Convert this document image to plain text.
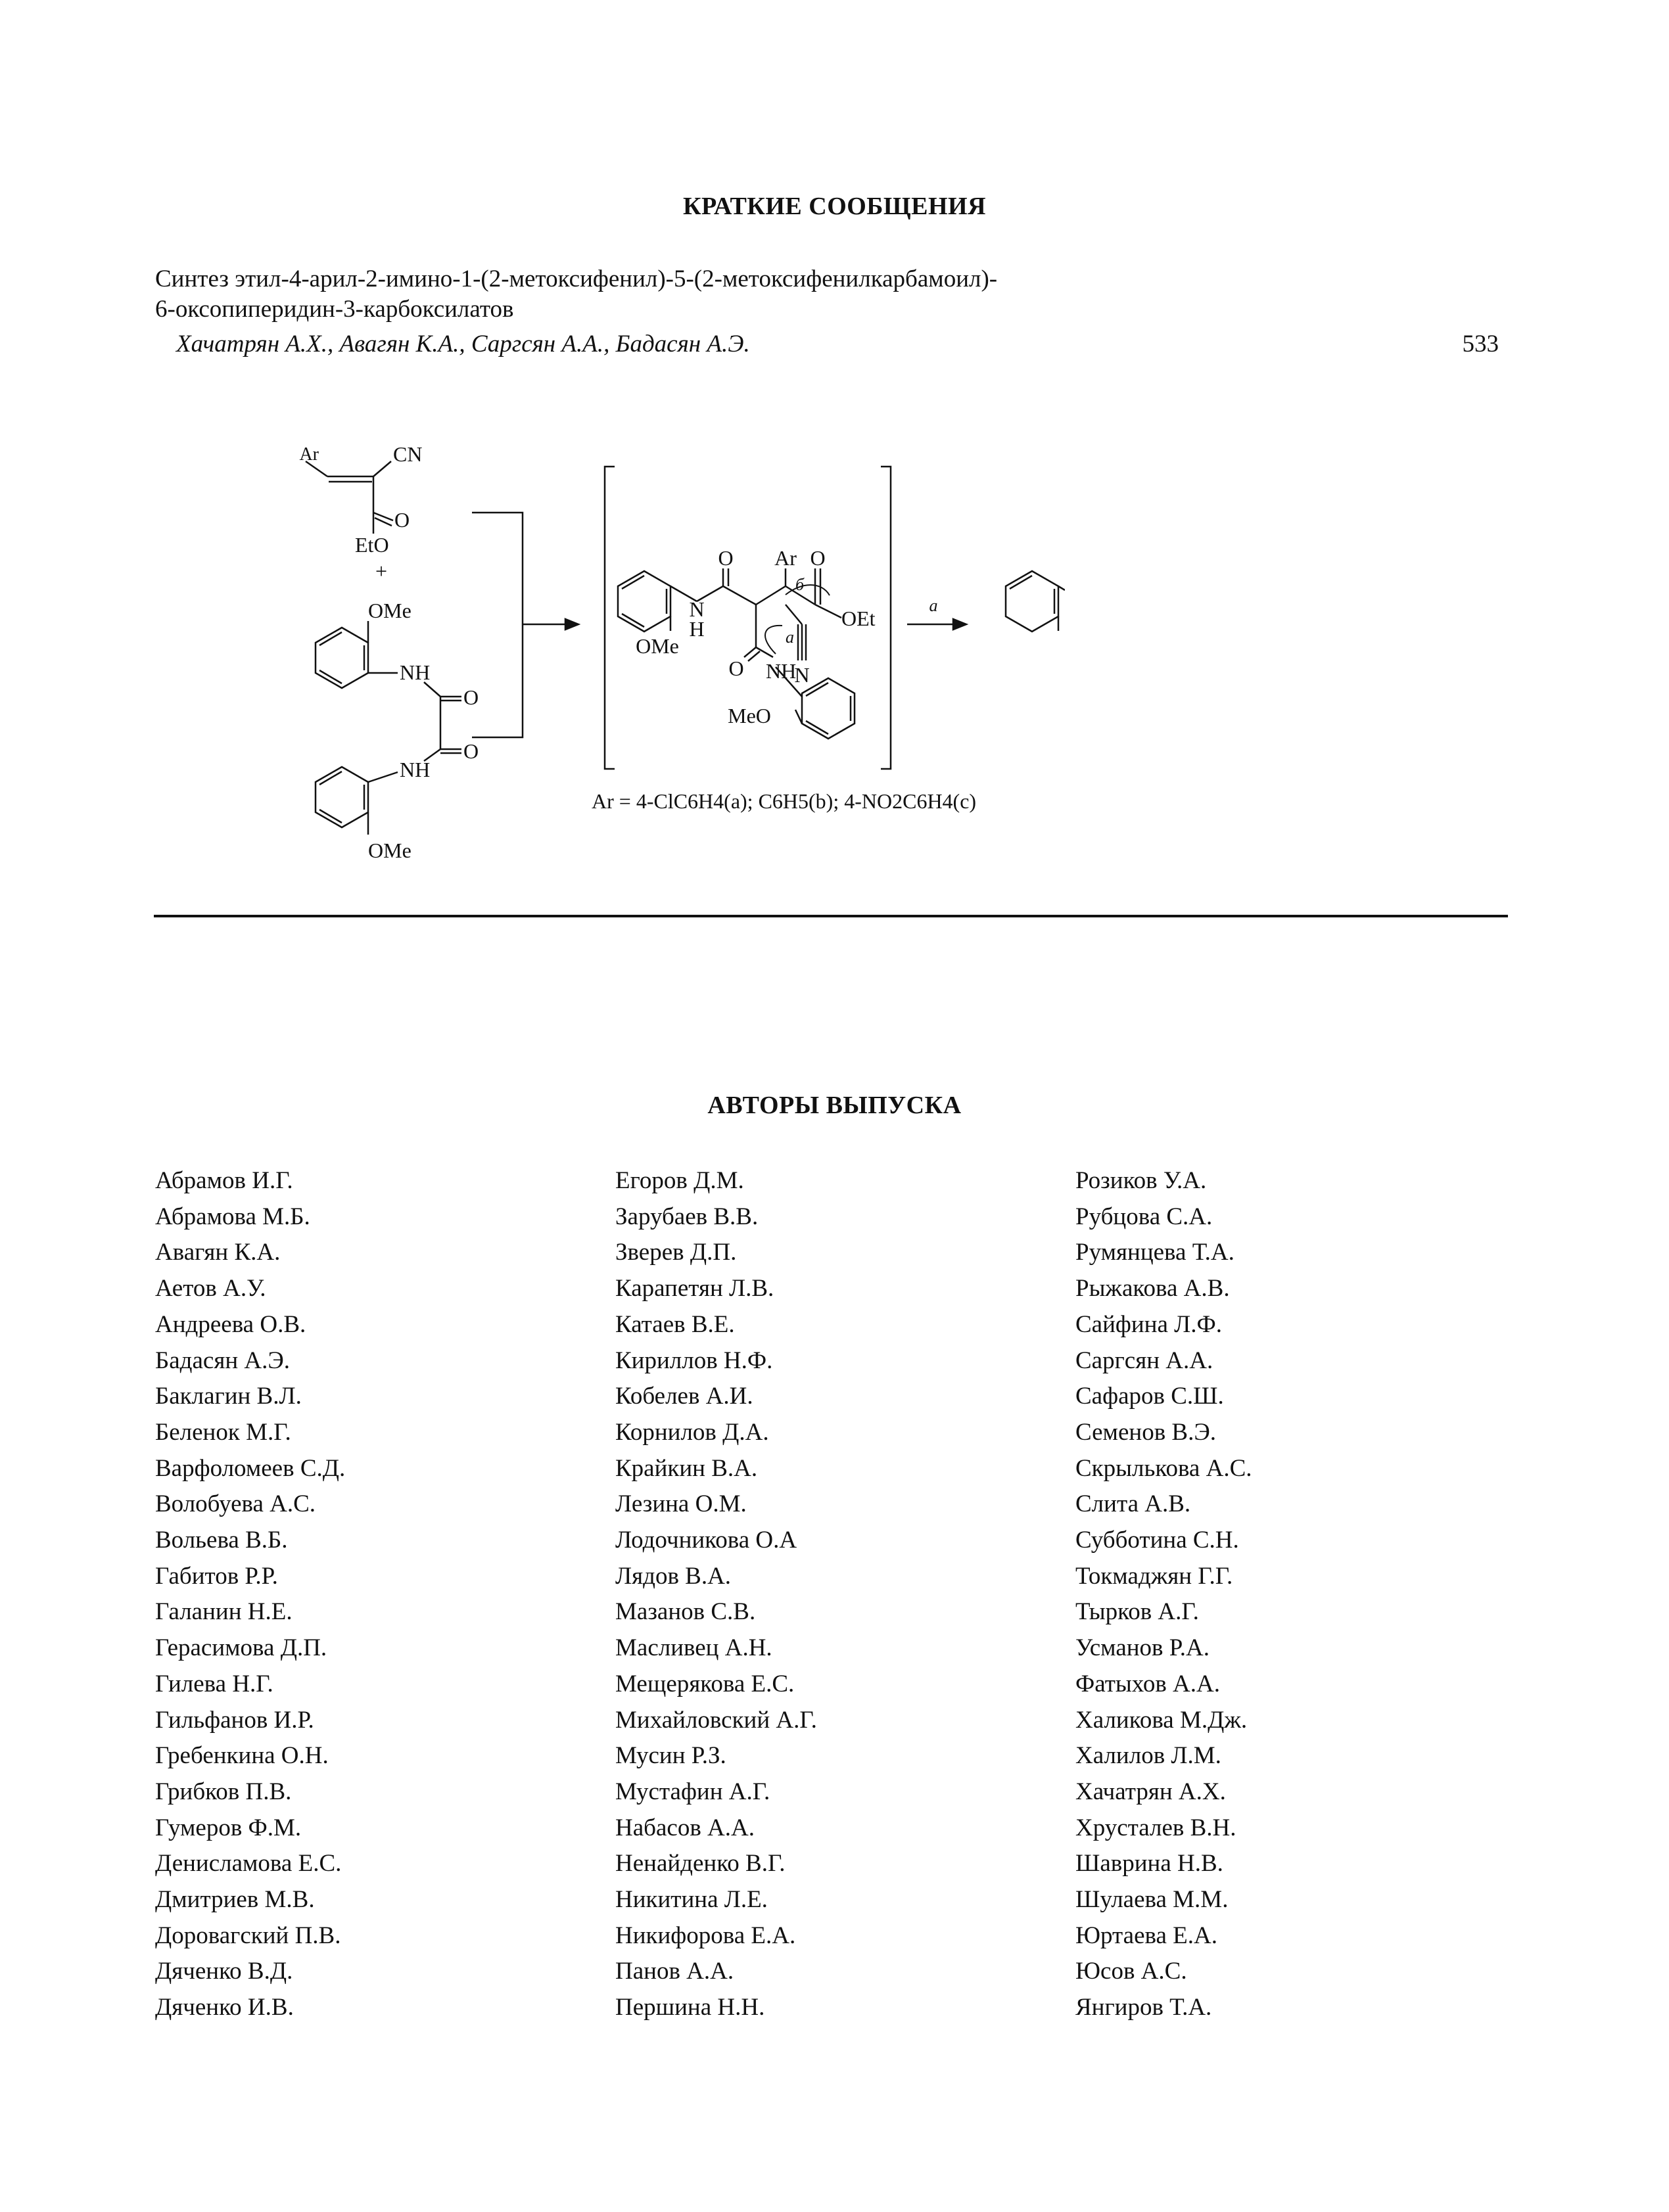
КРАТКИЕ СООБЩЕНИЯ
Синтез этил-4-арил-2-имино-1-(2-метоксифенил)-5-(2-метоксифенилкарбамоил)-
6-оксопиперидин-3-карбоксилатов
Хачатрян А.Х., Авагян К.А., Саргсян А.А., Бадасян А.Э.	533
Ar	CN
O
EtO
+
OMe
NH
O
O
NH
OMe
Ar
O	O
OEt
N
H
OMe
O NH
N
MeO
б
а
а
Ar = 4-ClC6H4(a); C6H5(b); 4-NO2C6H4(c)
АВТОРЫ ВЫПУСКА
Абрамов И.Г.
Абрамова М.Б.
Авагян К.А.
Аетов А.У.
Андреева О.В.
Бадасян А.Э.
Баклагин В.Л.
Беленок М.Г.
Варфоломеев С.Д.
Волобуева А.С.
Вольева В.Б.
Габитов Р.Р.
Галанин Н.Е.
Герасимова Д.П.
Гилева Н.Г.
Гильфанов И.Р.
Гребенкина О.Н.
Грибков П.В.
Гумеров Ф.М.
Денисламова Е.С.
Дмитриев М.В.
Доровагский П.В.
Дяченко В.Д.
Дяченко И.В.
Егоров Д.М.
Зарубаев В.В.
Зверев Д.П.
Карапетян Л.В.
Катаев В.Е.
Кириллов Н.Ф.
Кобелев А.И.
Корнилов Д.А.
Крайкин В.А.
Лезина О.М.
Лодочникова О.А
Лядов В.А.
Мазанов С.В.
Масливец А.Н.
Мещерякова Е.С.
Михайловский А.Г.
Мусин Р.З.
Мустафин А.Г.
Набасов А.А.
Ненайденко В.Г.
Никитина Л.Е.
Никифорова Е.А.
Панов А.А.
Першина Н.Н.
Розиков У.А.
Рубцова С.А.
Румянцева Т.А.
Рыжакова А.В.
Сайфина Л.Ф.
Саргсян А.А.
Сафаров С.Ш.
Семенов В.Э.
Скрылькова А.С.
Слита А.В.
Субботина С.Н.
Токмаджян Г.Г.
Тырков А.Г.
Усманов Р.А.
Фатыхов А.А.
Халикова М.Дж.
Халилов Л.М.
Хачатрян А.Х.
Хрусталев В.Н.
Шаврина Н.В.
Шулаева М.М.
Юртаева Е.А.
Юсов А.С.
Янгиров Т.А.
